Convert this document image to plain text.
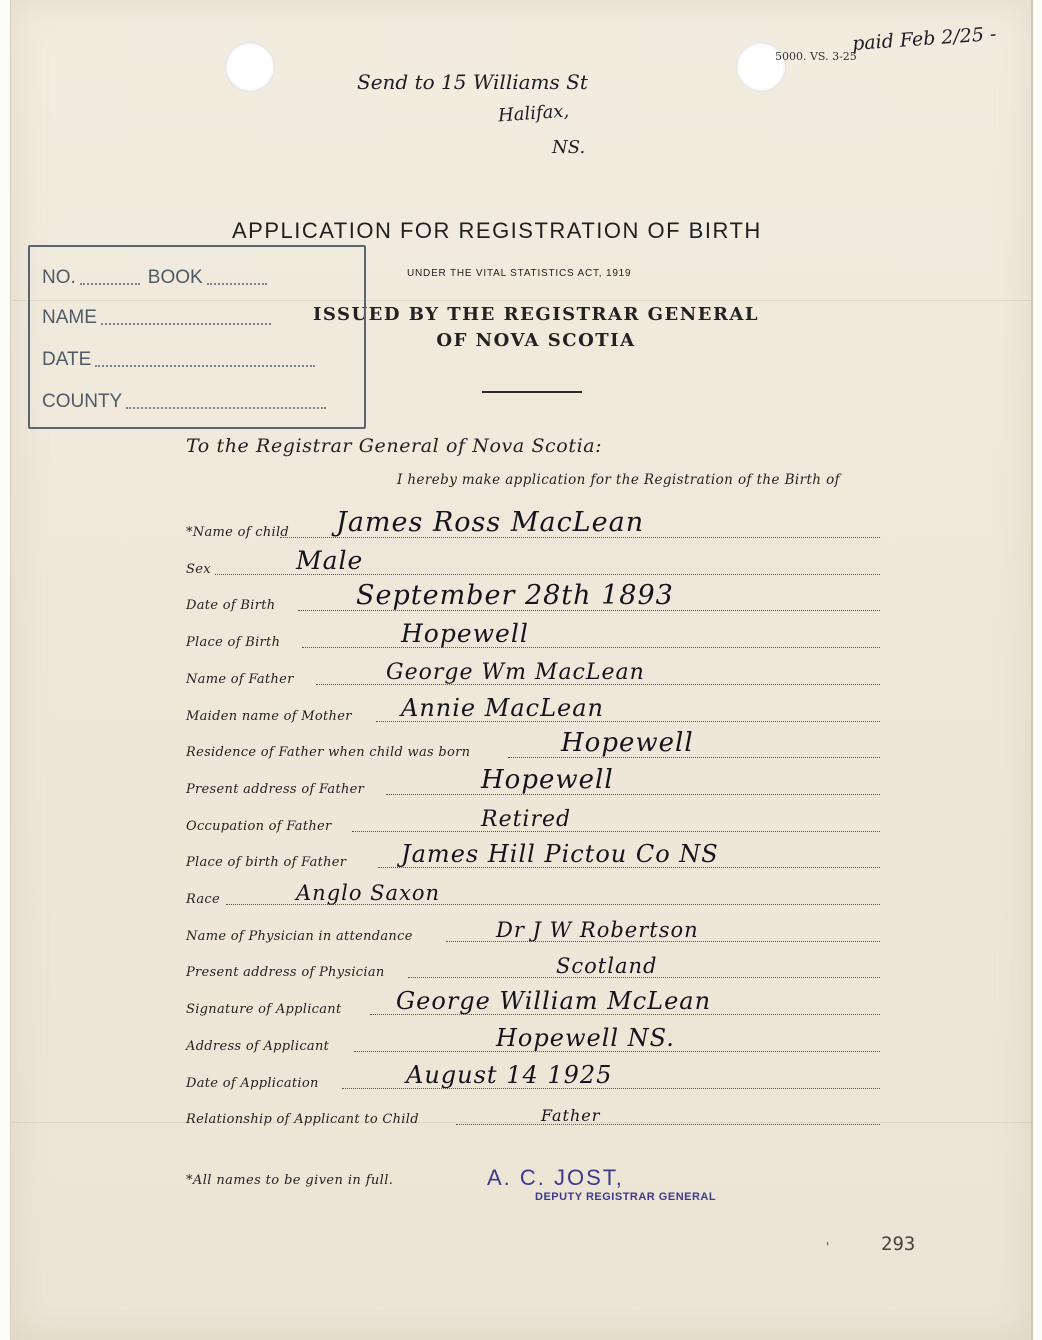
paid Feb 2/25 -
5000. VS. 3-25
Send to 15 Williams St
Halifax,
NS.
APPLICATION FOR REGISTRATION OF BIRTH
UNDER THE VITAL STATISTICS ACT, 1919
ISSUED BY THE REGISTRAR GENERAL
OF NOVA SCOTIA
NO.	BOOK
NAME
DATE
COUNTY
To the Registrar General of Nova Scotia:
I hereby make application for the Registration of the Birth of
*Name of child James Ross MacLean
Sex	Male
Date of Birth	September 28th 1893
Place of Birth	Hopewell
Name of Father	George Wm MacLean
Maiden name of Mother Annie MacLean
Residence of Father when child was born	Hopewell
Present address of Father	Hopewell
Occupation of Father	Retired
Place of birth of Father James Hill Pictou Co NS
Race	Anglo Saxon
Name of Physician in attendance	Dr J W Robertson
Present address of Physician	Scotland
Signature of Applicant George William McLean
Address of Applicant	Hopewell NS.
Date of Application	August 14 1925
Relationship of Applicant to Child	Father
*All names to be given in full.	A. C. JOST,
DEPUTY REGISTRAR GENERAL
'	293
